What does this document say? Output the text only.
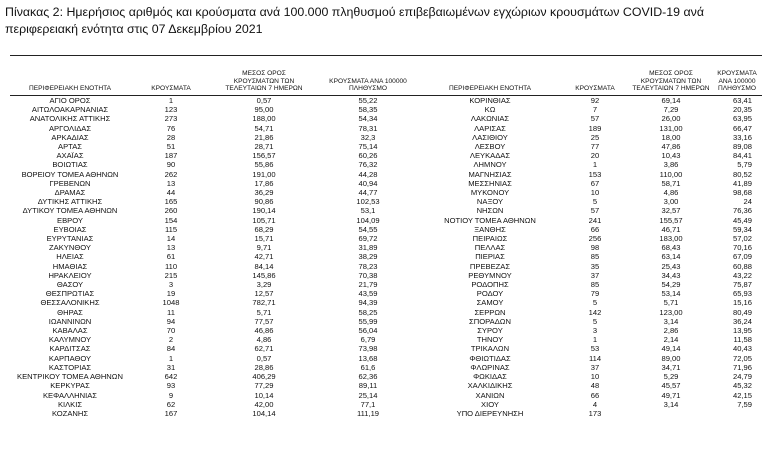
Πίνακας 2: Ημερήσιος αριθμός και κρούσματα ανά 100.000 πληθυσμού επιβεβαιωμένων εγχώριων κρουσμάτων COVID-19 ανά περιφερειακή ενότητα στις 07 Δεκεμβρίου 2021
ΠΕΡΙΦΕΡΕΙΑΚΗ ΕΝΟΤΗΤΑ	ΚΡΟΥΣΜΑΤΑ	ΜΕΣΟΣ ΟΡΟΣ
ΚΡΟΥΣΜΑΤΩΝ ΤΩΝ
ΤΕΛΕΥΤΑΙΩΝ 7 ΗΜΕΡΩΝ	ΚΡΟΥΣΜΑΤΑ ΑΝΑ 100000
ΠΛΗΘΥΣΜΟ	ΠΕΡΙΦΕΡΕΙΑΚΗ ΕΝΟΤΗΤΑ	ΚΡΟΥΣΜΑΤΑ	ΜΕΣΟΣ ΟΡΟΣ
ΚΡΟΥΣΜΑΤΩΝ ΤΩΝ
ΤΕΛΕΥΤΑΙΩΝ 7 ΗΜΕΡΩΝ	ΚΡΟΥΣΜΑΤΑ ΑΝΑ 100000
ΠΛΗΘΥΣΜΟ
ΑΓΙΟ ΟΡΟΣ	1	0,57	55,22	ΚΟΡΙΝΘΙΑΣ	92	69,14	63,41
ΑΙΤΩΛΟΑΚΑΡΝΑΝΙΑΣ	123	95,00	58,35	ΚΩ	7	7,29	20,35
ΑΝΑΤΟΛΙΚΗΣ ΑΤΤΙΚΗΣ	273	188,00	54,34	ΛΑΚΩΝΙΑΣ	57	26,00	63,95
ΑΡΓΟΛΙΔΑΣ	76	54,71	78,31	ΛΑΡΙΣΑΣ	189	131,00	66,47
ΑΡΚΑΔΙΑΣ	28	21,86	32,3	ΛΑΣΙΘΙΟΥ	25	18,00	33,16
ΑΡΤΑΣ	51	28,71	75,14	ΛΕΣΒΟΥ	77	47,86	89,08
ΑΧΑΪΑΣ	187	156,57	60,26	ΛΕΥΚΑΔΑΣ	20	10,43	84,41
ΒΟΙΩΤΙΑΣ	90	55,86	76,32	ΛΗΜΝΟΥ	1	3,86	5,79
ΒΟΡΕΙΟΥ ΤΟΜΕΑ ΑΘΗΝΩΝ	262	191,00	44,28	ΜΑΓΝΗΣΙΑΣ	153	110,00	80,52
ΓΡΕΒΕΝΩΝ	13	17,86	40,94	ΜΕΣΣΗΝΙΑΣ	67	58,71	41,89
ΔΡΑΜΑΣ	44	36,29	44,77	ΜΥΚΟΝΟΥ	10	4,86	98,68
ΔΥΤΙΚΗΣ ΑΤΤΙΚΗΣ	165	90,86	102,53	ΝΑΞΟΥ	5	3,00	24
ΔΥΤΙΚΟΥ ΤΟΜΕΑ ΑΘΗΝΩΝ	260	190,14	53,1	ΝΗΣΩΝ	57	32,57	76,36
ΕΒΡΟΥ	154	105,71	104,09	ΝΟΤΙΟΥ ΤΟΜΕΑ ΑΘΗΝΩΝ	241	155,57	45,49
ΕΥΒΟΙΑΣ	115	68,29	54,55	ΞΑΝΘΗΣ	66	46,71	59,34
ΕΥΡΥΤΑΝΙΑΣ	14	15,71	69,72	ΠΕΙΡΑΙΩΣ	256	183,00	57,02
ΖΑΚΥΝΘΟΥ	13	9,71	31,89	ΠΕΛΛΑΣ	98	68,43	70,16
ΗΛΕΙΑΣ	61	42,71	38,29	ΠΙΕΡΙΑΣ	85	63,14	67,09
ΗΜΑΘΙΑΣ	110	84,14	78,23	ΠΡΕΒΕΖΑΣ	35	25,43	60,88
ΗΡΑΚΛΕΙΟΥ	215	145,86	70,38	ΡΕΘΥΜΝΟΥ	37	34,43	43,22
ΘΑΣΟΥ	3	3,29	21,79	ΡΟΔΟΠΗΣ	85	54,29	75,87
ΘΕΣΠΡΩΤΙΑΣ	19	12,57	43,59	ΡΟΔΟΥ	79	53,14	65,93
ΘΕΣΣΑΛΟΝΙΚΗΣ	1048	782,71	94,39	ΣΑΜΟΥ	5	5,71	15,16
ΘΗΡΑΣ	11	5,71	58,25	ΣΕΡΡΩΝ	142	123,00	80,49
ΙΩΑΝΝΙΝΩΝ	94	77,57	55,99	ΣΠΟΡΑΔΩΝ	5	3,14	36,24
ΚΑΒΑΛΑΣ	70	46,86	56,04	ΣΥΡΟΥ	3	2,86	13,95
ΚΑΛΥΜΝΟΥ	2	4,86	6,79	ΤΗΝΟΥ	1	2,14	11,58
ΚΑΡΔΙΤΣΑΣ	84	62,71	73,98	ΤΡΙΚΑΛΩΝ	53	49,14	40,43
ΚΑΡΠΑΘΟΥ	1	0,57	13,68	ΦΘΙΩΤΙΔΑΣ	114	89,00	72,05
ΚΑΣΤΟΡΙΑΣ	31	28,86	61,6	ΦΛΩΡΙΝΑΣ	37	34,71	71,96
ΚΕΝΤΡΙΚΟΥ ΤΟΜΕΑ ΑΘΗΝΩΝ	642	406,29	62,36	ΦΩΚΙΔΑΣ	10	5,29	24,79
ΚΕΡΚΥΡΑΣ	93	77,29	89,11	ΧΑΛΚΙΔΙΚΗΣ	48	45,57	45,32
ΚΕΦΑΛΛΗΝΙΑΣ	9	10,14	25,14	ΧΑΝΙΩΝ	66	49,71	42,15
ΚΙΛΚΙΣ	62	42,00	77,1	ΧΙΟΥ	4	3,14	7,59
ΚΟΖΑΝΗΣ	167	104,14	111,19	ΥΠΟ ΔΙΕΡΕΥΝΗΣΗ	173		
